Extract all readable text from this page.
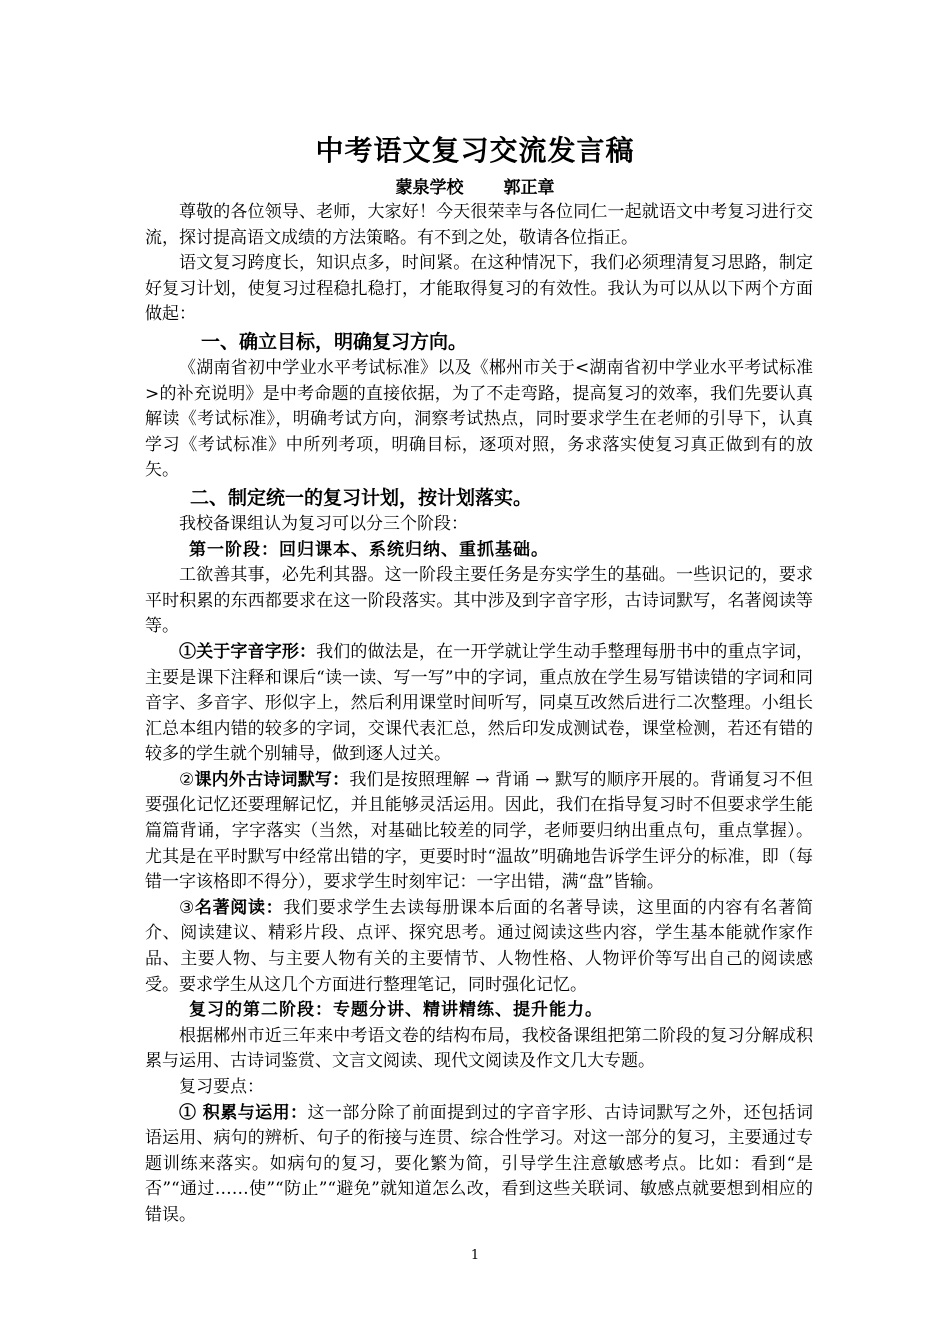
中考语文复习交流发言稿
蒙泉学校 郭正章

尊敬的各位领导、老师，大家好！今天很荣幸与各位同仁一起就语文中考复习进行交流，探讨提高语文成绩的方法策略。有不到之处，敬请各位指正。

语文复习跨度长，知识点多，时间紧。在这种情况下，我们必须理清复习思路，制定好复习计划，使复习过程稳扎稳打，才能取得复习的有效性。我认为可以从以下两个方面做起：

一、确立目标，明确复习方向。

《湖南省初中学业水平考试标准》以及《郴州市关于<湖南省初中学业水平考试标准>的补充说明》是中考命题的直接依据，为了不走弯路，提高复习的效率，我们先要认真解读《考试标准》，明确考试方向，洞察考试热点，同时要求学生在老师的引导下，认真学习《考试标准》中所列考项，明确目标，逐项对照，务求落实使复习真正做到有的放矢。

二、制定统一的复习计划，按计划落实。

我校备课组认为复习可以分三个阶段：

第一阶段：回归课本、系统归纳、重抓基础。

工欲善其事，必先利其器。这一阶段主要任务是夯实学生的基础。一些识记的，要求平时积累的东西都要求在这一阶段落实。其中涉及到字音字形，古诗词默写，名著阅读等等。

①关于字音字形：我们的做法是，在一开学就让学生动手整理每册书中的重点字词，主要是课下注释和课后“读一读、写一写”中的字词，重点放在学生易写错读错的字词和同音字、多音字、形似字上，然后利用课堂时间听写，同桌互改然后进行二次整理。小组长汇总本组内错的较多的字词，交课代表汇总，然后印发成测试卷，课堂检测，若还有错的较多的学生就个别辅导，做到逐人过关。

②课内外古诗词默写：我们是按照理解 → 背诵 → 默写的顺序开展的。背诵复习不但要强化记忆还要理解记忆，并且能够灵活运用。因此，我们在指导复习时不但要求学生能篇篇背诵，字字落实（当然，对基础比较差的同学，老师要归纳出重点句，重点掌握）。尤其是在平时默写中经常出错的字，更要时时“温故”明确地告诉学生评分的标准，即（每错一字该格即不得分），要求学生时刻牢记：一字出错，满“盘”皆输。

③名著阅读：我们要求学生去读每册课本后面的名著导读，这里面的内容有名著简介、阅读建议、精彩片段、点评、探究思考。通过阅读这些内容，学生基本能就作家作品、主要人物、与主要人物有关的主要情节、人物性格、人物评价等写出自己的阅读感受。要求学生从这几个方面进行整理笔记，同时强化记忆。

复习的第二阶段：专题分讲、精讲精练、提升能力。

根据郴州市近三年来中考语文卷的结构布局，我校备课组把第二阶段的复习分解成积累与运用、古诗词鉴赏、文言文阅读、现代文阅读及作文几大专题。

复习要点：

① 积累与运用：这一部分除了前面提到过的字音字形、古诗词默写之外，还包括词语运用、病句的辨析、句子的衔接与连贯、综合性学习。对这一部分的复习，主要通过专题训练来落实。如病句的复习，要化繁为简，引导学生注意敏感考点。比如：看到“是否”“通过……使”“防止”“避免”就知道怎么改，看到这些关联词、敏感点就要想到相应的错误。

1
